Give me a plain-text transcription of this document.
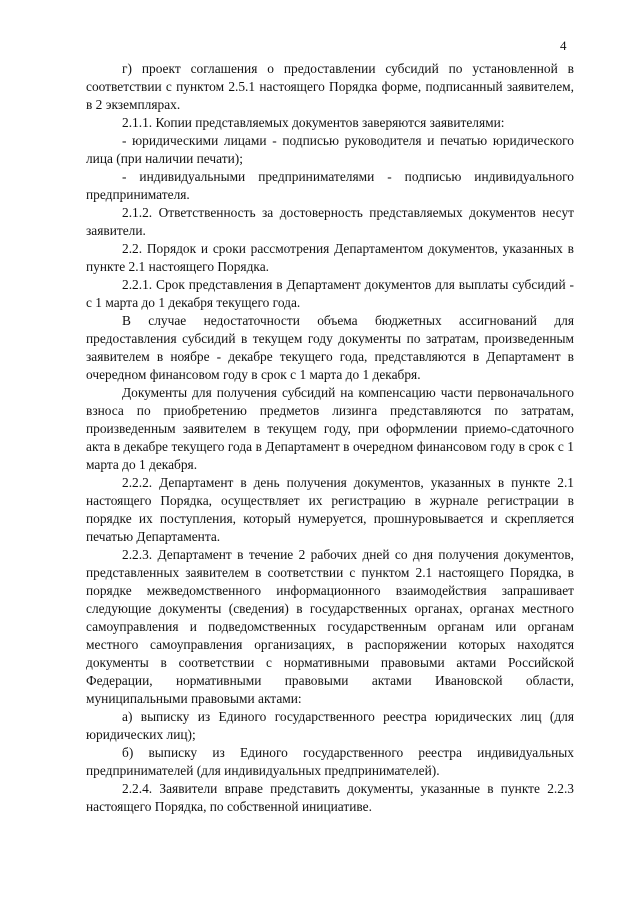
4

г) проект соглашения о предоставлении субсидий по установленной в соответствии с пунктом 2.5.1 настоящего Порядка форме, подписанный заявителем, в 2 экземплярах.

2.1.1. Копии представляемых документов заверяются заявителями:

- юридическими лицами - подписью руководителя и печатью юридического лица (при наличии печати);

- индивидуальными предпринимателями - подписью индивидуального предпринимателя.

2.1.2. Ответственность за достоверность представляемых документов несут заявители.

2.2. Порядок и сроки рассмотрения Департаментом документов, указанных в пункте 2.1 настоящего Порядка.

2.2.1. Срок представления в Департамент документов для выплаты субсидий - с 1 марта до 1 декабря текущего года.

В случае недостаточности объема бюджетных ассигнований для предоставления субсидий в текущем году документы по затратам, произведенным заявителем в ноябре - декабре текущего года, представляются в Департамент в очередном финансовом году в срок с 1 марта до 1 декабря.

Документы для получения субсидий на компенсацию части первоначального взноса по приобретению предметов лизинга представляются по затратам, произведенным заявителем в текущем году, при оформлении приемо-сдаточного акта в декабре текущего года в Департамент в очередном финансовом году в срок с 1 марта до 1 декабря.

2.2.2. Департамент в день получения документов, указанных в пункте 2.1 настоящего Порядка, осуществляет их регистрацию в журнале регистрации в порядке их поступления, который нумеруется, прошнуровывается и скрепляется печатью Департамента.

2.2.3. Департамент в течение 2 рабочих дней со дня получения документов, представленных заявителем в соответствии с пунктом 2.1 настоящего Порядка, в порядке межведомственного информационного взаимодействия запрашивает следующие документы (сведения) в государственных органах, органах местного самоуправления и подведомственных государственным органам или органам местного самоуправления организациях, в распоряжении которых находятся документы в соответствии с нормативными правовыми актами Российской Федерации, нормативными правовыми актами Ивановской области, муниципальными правовыми актами:

а) выписку из Единого государственного реестра юридических лиц (для юридических лиц);

б) выписку из Единого государственного реестра индивидуальных предпринимателей (для индивидуальных предпринимателей).

2.2.4. Заявители вправе представить документы, указанные в пункте 2.2.3 настоящего Порядка, по собственной инициативе.
